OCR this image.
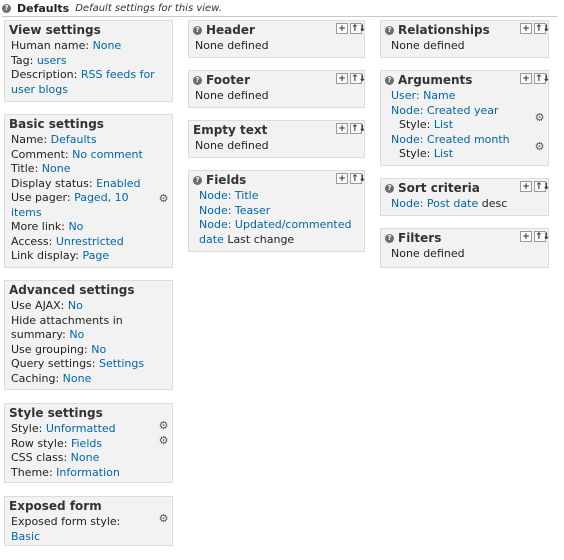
? Defaults Default settings for this view.
View settings
Human name: None
Tag: users
Description: RSS feeds for user blogs
Basic settings
Name: Defaults
Comment: No comment
Title: None
Display status: Enabled
Use pager: Paged, 10 items
⚙
More link: No
Access: Unrestricted
Link display: Page
Advanced settings
Use AJAX: No
Hide attachments in summary: No
Use grouping: No
Query settings: Settings
Caching: None
Style settings
Style: Unformatted	⚙
Row style: Fields	⚙
CSS class: None
Theme: Information
Exposed form
Exposed form style:	⚙
Basic
? Header	+ ↑↓
None defined
? Footer	+ ↑↓
None defined
Empty text	+ ↑↓
None defined
? Fields	+ ↑↓
Node: Title
Node: Teaser
Node: Updated/commented date Last change
? Relationships	+ ↑↓
None defined
? Arguments	+ ↑↓
User: Name
Node: Created year
Style: List
⚙
Node: Created month
Style: List
⚙
? Sort criteria	+ ↑↓
Node: Post date desc
? Filters	+ ↑↓
None defined
